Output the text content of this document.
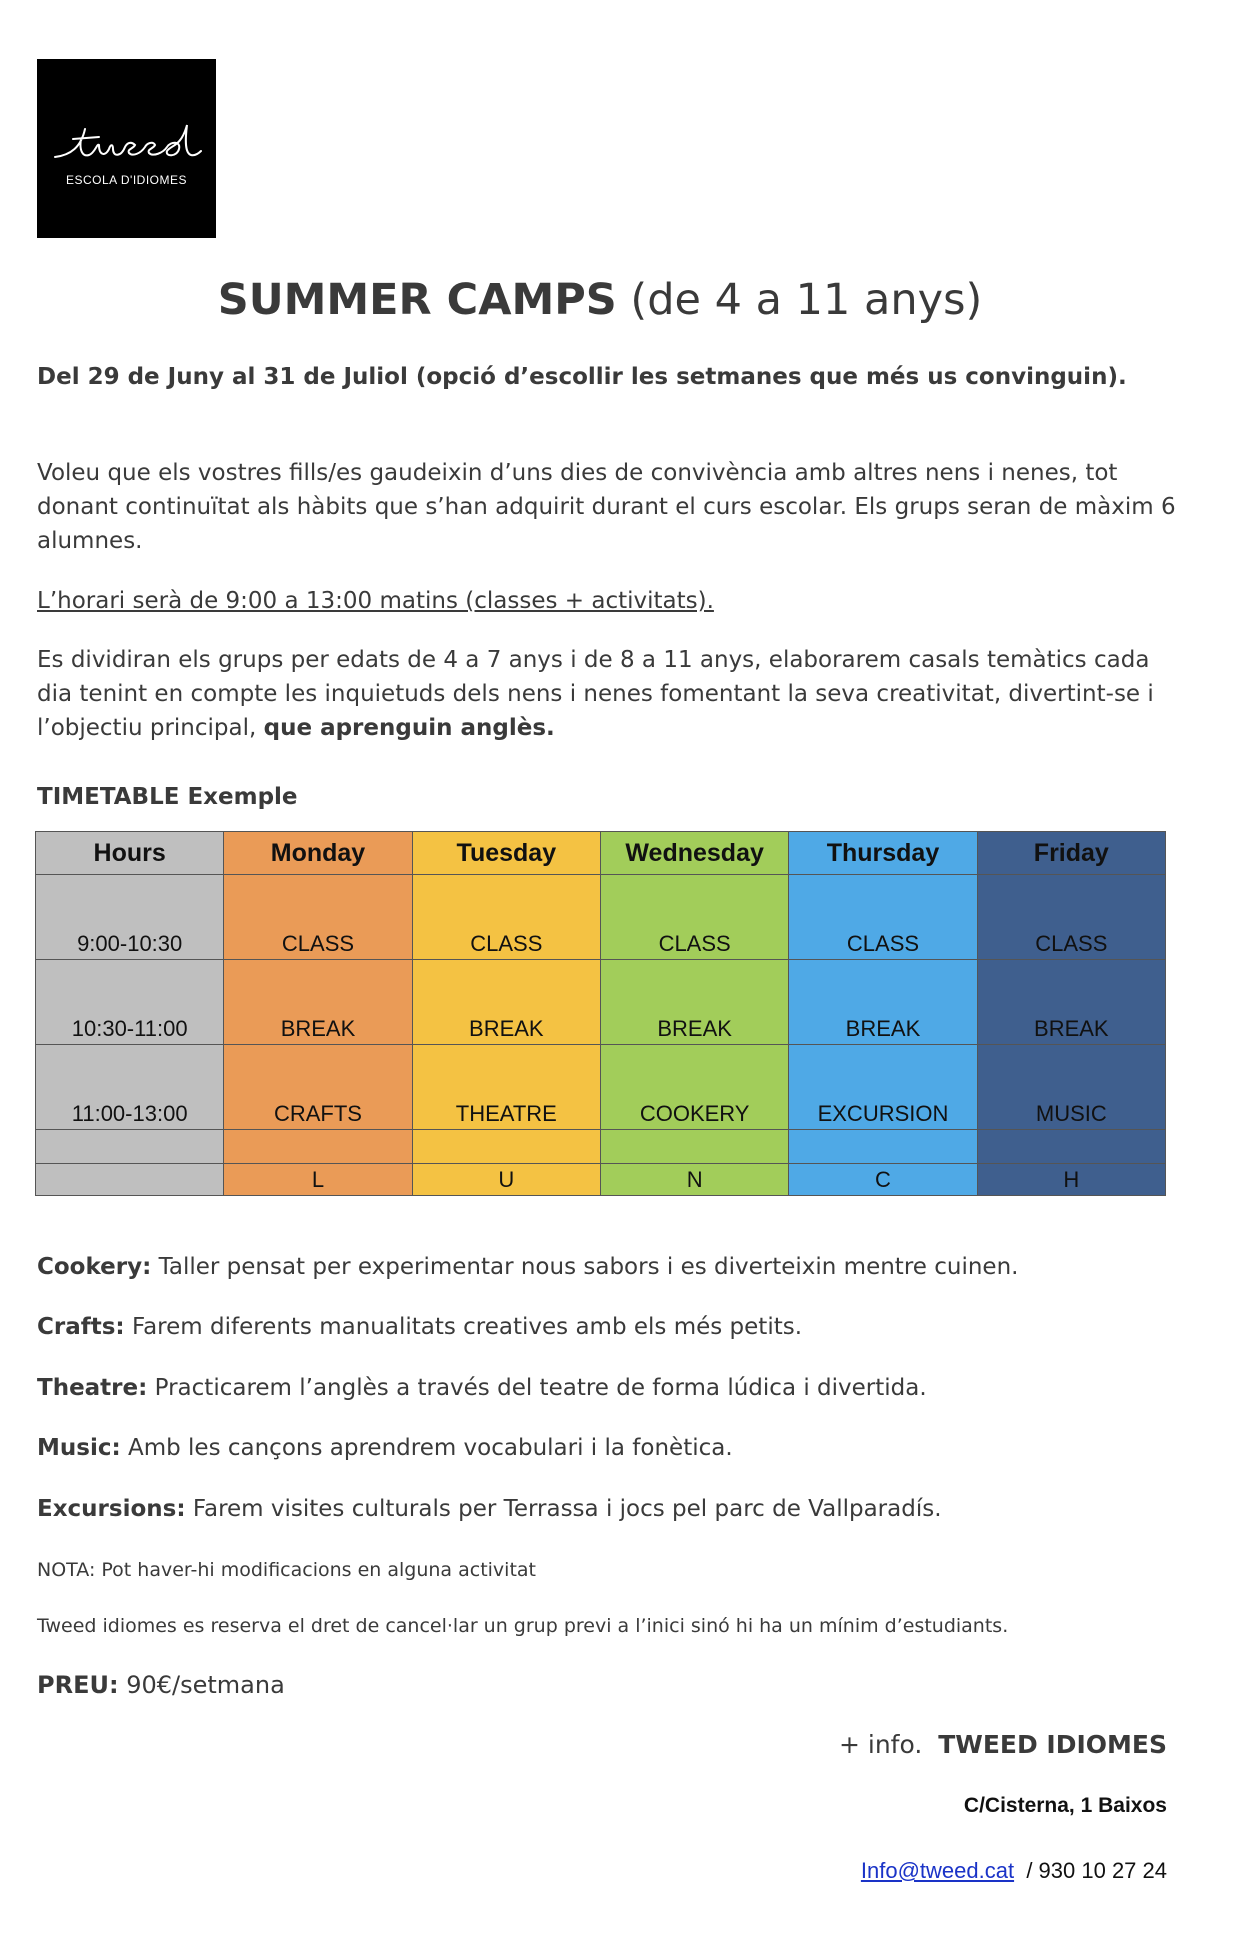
ESCOLA D'IDIOMES
SUMMER CAMPS (de 4 a 11 anys)
Del 29 de Juny al 31 de Juliol (opció d’escollir les setmanes que més us convinguin).
Voleu que els vostres fills/es gaudeixin d’uns dies de convivència amb altres nens i nenes, tot donant continuïtat als hàbits que s’han adquirit durant el curs escolar. Els grups seran de màxim 6 alumnes.
L’horari serà de 9:00 a 13:00 matins (classes + activitats).
Es dividiran els grups per edats de 4 a 7 anys i de 8 a 11 anys, elaborarem casals temàtics cada dia tenint en compte les inquietuds dels nens i nenes fomentant la seva creativitat, divertint-se i l’objectiu principal, que aprenguin anglès.
TIMETABLE Exemple
Hours	Monday	Tuesday	Wednesday	Thursday	Friday
9:00-10:30	CLASS	CLASS	CLASS	CLASS	CLASS
10:30-11:00	BREAK	BREAK	BREAK	BREAK	BREAK
11:00-13:00	CRAFTS	THEATRE	COOKERY	EXCURSION	MUSIC

	L	U	N	C	H
Cookery: Taller pensat per experimentar nous sabors i es diverteixin mentre cuinen.
Crafts: Farem diferents manualitats creatives amb els més petits.
Theatre: Practicarem l’anglès a través del teatre de forma lúdica i divertida.
Music: Amb les cançons aprendrem vocabulari i la fonètica.
Excursions: Farem visites culturals per Terrassa i jocs pel parc de Vallparadís.
NOTA: Pot haver-hi modificacions en alguna activitat
Tweed idiomes es reserva el dret de cancel·lar un grup previ a l’inici sinó hi ha un mínim d’estudiants.
PREU: 90€/setmana
+ info. TWEED IDIOMES
C/Cisterna, 1 Baixos
Info@tweed.cat / 930 10 27 24
